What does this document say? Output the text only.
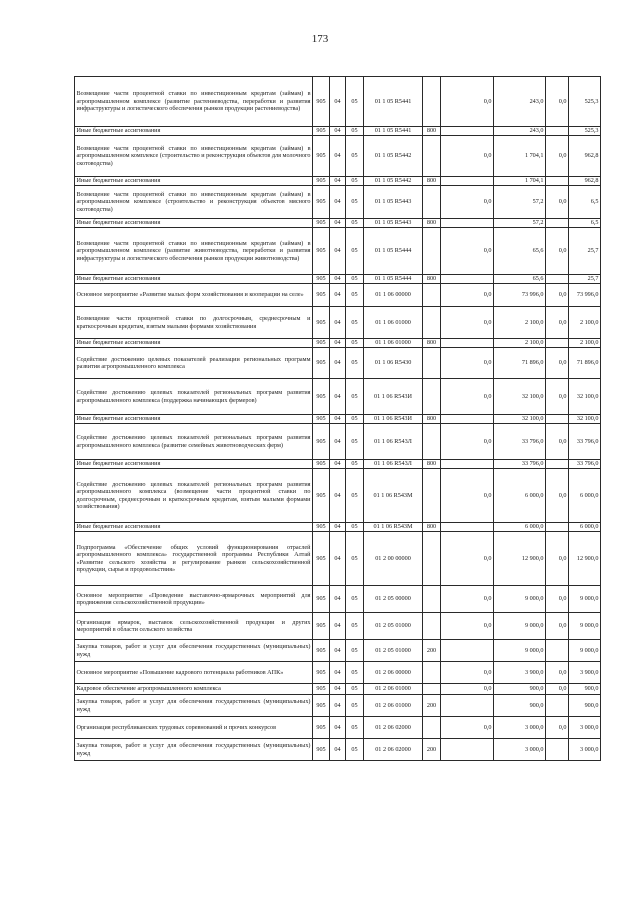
173
Возмещение части процентной ставки по инвестиционным кредитам (займам) в агропромышленном комплексе (развитие растениеводства, переработки и развития инфраструктуры и логистического обеспечения рынков продукции растениеводства)	905	04	05	01 1 05 R5441		0,0	243,0	0,0	525,3
Иные бюджетные ассигнования	905	04	05	01 1 05 R5441	800		243,0		525,3
Возмещение части процентной ставки по инвестиционным кредитам (займам) в агропромышленном комплексе (строительство и реконструкция объектов для молочного скотоводства)	905	04	05	01 1 05 R5442		0,0	1 704,1	0,0	962,8
Иные бюджетные ассигнования	905	04	05	01 1 05 R5442	800		1 704,1		962,8
Возмещение части процентной ставки по инвестиционным кредитам (займам) в агропромышленном комплексе (строительство и реконструкция объектов мясного скотоводства)	905	04	05	01 1 05 R5443		0,0	57,2	0,0	6,5
Иные бюджетные ассигнования	905	04	05	01 1 05 R5443	800		57,2		6,5
Возмещение части процентной ставки по инвестиционным кредитам (займам) в агропромышленном комплексе (развитие животноводства, переработки и развития инфраструктуры и логистического обеспечения рынков продукции животноводства)	905	04	05	01 1 05 R5444		0,0	65,6	0,0	25,7
Иные бюджетные ассигнования	905	04	05	01 1 05 R5444	800		65,6		25,7
Основное мероприятие «Развитие малых форм хозяйствования и кооперации на селе»	905	04	05	01 1 06 00000		0,0	73 996,0	0,0	73 996,0
Возмещение части процентной ставки по долгосрочным, среднесрочным и краткосрочным кредитам, взятым малыми формами хозяйствования	905	04	05	01 1 06 01000		0,0	2 100,0	0,0	2 100,0
Иные бюджетные ассигнования	905	04	05	01 1 06 01000	800		2 100,0		2 100,0
Содействие достижению целевых показателей реализации региональных программ развития агропромышленного комплекса	905	04	05	01 1 06 R5430		0,0	71 896,0	0,0	71 896,0
Содействие достижению целевых показателей региональных программ развития агропромышленного комплекса (поддержка начинающих фермеров)	905	04	05	01 1 06 R543И		0,0	32 100,0	0,0	32 100,0
Иные бюджетные ассигнования	905	04	05	01 1 06 R543И	800		32 100,0		32 100,0
Содействие достижению целевых показателей региональных программ развития агропромышленного комплекса (развитие семейных животноводческих ферм)	905	04	05	01 1 06 R543Л		0,0	33 796,0	0,0	33 796,0
Иные бюджетные ассигнования	905	04	05	01 1 06 R543Л	800		33 796,0		33 796,0
Содействие достижению целевых показателей региональных программ развития агропромышленного комплекса (возмещение части процентной ставки по долгосрочным, среднесрочным и краткосрочным кредитам, взятым малыми формами хозяйствования)	905	04	05	01 1 06 R543М		0,0	6 000,0	0,0	6 000,0
Иные бюджетные ассигнования	905	04	05	01 1 06 R543М	800		6 000,0		6 000,0
Подпрограмма «Обеспечение общих условий функционирования отраслей агропромышленного комплекса» государственной программы Республики Алтай «Развитие сельского хозяйства и регулирование рынков сельскохозяйственной продукции, сырья и продовольствия»	905	04	05	01 2 00 00000		0,0	12 900,0	0,0	12 900,0
Основное мероприятие «Проведение выставочно-ярмарочных мероприятий для продвижения сельскохозяйственной продукции»	905	04	05	01 2 05 00000		0,0	9 000,0	0,0	9 000,0
Организация ярмарок, выставок сельскохозяйственной продукции и других мероприятий в области сельского хозяйства	905	04	05	01 2 05 01000		0,0	9 000,0	0,0	9 000,0
Закупка товаров, работ и услуг для обеспечения государственных (муниципальных) нужд	905	04	05	01 2 05 01000	200		9 000,0		9 000,0
Основное мероприятие «Повышение кадрового потенциала работников АПК»	905	04	05	01 2 06 00000		0,0	3 900,0	0,0	3 900,0
Кадровое обеспечение агропромышленного комплекса	905	04	05	01 2 06 01000		0,0	900,0	0,0	900,0
Закупка товаров, работ и услуг для обеспечения государственных (муниципальных) нужд	905	04	05	01 2 06 01000	200		900,0		900,0
Организация республиканских трудовых соревнований и прочих конкурсов	905	04	05	01 2 06 02000		0,0	3 000,0	0,0	3 000,0
Закупка товаров, работ и услуг для обеспечения государственных (муниципальных) нужд	905	04	05	01 2 06 02000	200		3 000,0		3 000,0
